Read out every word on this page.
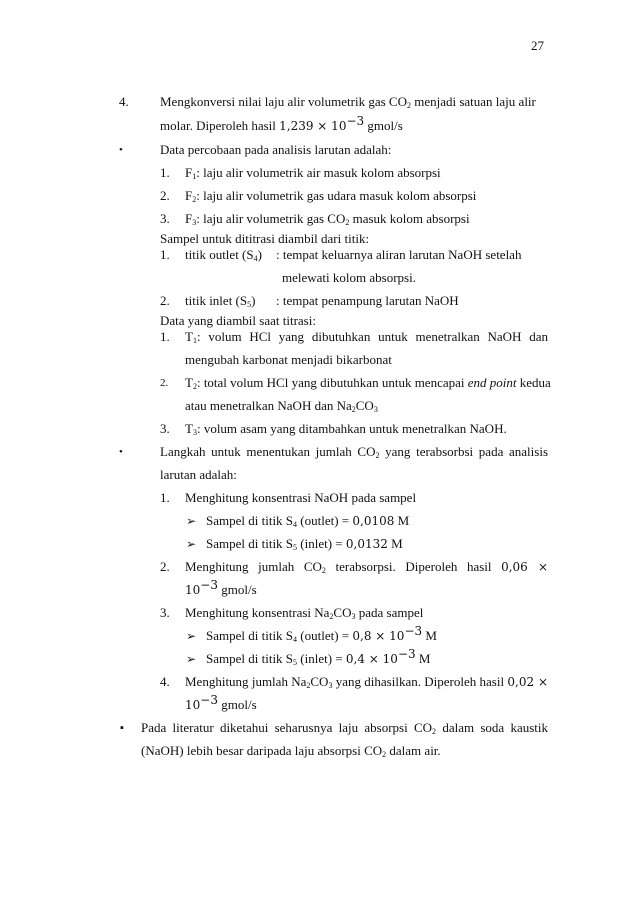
27
4. Mengkonversi nilai laju alir volumetrik gas $CO_2$ menjadi satuan laju alir
molar. Diperoleh hasil $1,239 \times 10^{-3}$ gmol/s
•	Data percobaan pada analisis larutan adalah:
1. $F_1$: laju alir volumetrik air masuk kolom absorpsi
2. $F_2$: laju alir volumetrik gas udara masuk kolom absorpsi
3. $F_3$: laju alir volumetrik gas $CO_2$ masuk kolom absorpsi
Sampel untuk dititrasi diambil dari titik:
1. titik outlet $(S_4)$ : tempat keluarnya aliran larutan NaOH setelah
melewati kolom absorpsi.
2. titik inlet $(S_5)$ : tempat penampung larutan NaOH
Data yang diambil saat titrasi:
1. $T_1$: volum HCl yang dibutuhkan untuk menetralkan NaOH dan
mengubah karbonat menjadi bikarbonat
2. $T_2$: total volum HCl yang dibutuhkan untuk mencapai end point kedua
atau menetralkan NaOH dan $Na_2CO_3$
3. $T_3$: volum asam yang ditambahkan untuk menetralkan NaOH.
•	Langkah untuk menentukan jumlah $CO_2$ yang terabsorbsi pada analisis
larutan adalah:
1. Menghitung konsentrasi NaOH pada sampel
➢ Sampel di titik $S_4$ (outlet) = 0,0108 M
➢ Sampel di titik $S_5$ (inlet) = 0,0132 M
2. Menghitung jumlah $CO_2$ terabsorpsi. Diperoleh hasil 0,06 ×
$10^{-3}$ gmol/s
3. Menghitung konsentrasi $Na_2CO_3$ pada sampel
➢ Sampel di titik $S_4$ (outlet) = $0,8 \times 10^{-3}$ M
➢ Sampel di titik $S_5$ (inlet) = $0,4 \times 10^{-3}$ M
4. Menghitung jumlah $Na_2CO_3$ yang dihasilkan. Diperoleh hasil 0,02 ×
$10^{-3}$ gmol/s
▪ Pada literatur diketahui seharusnya laju absorpsi $CO_2$ dalam soda kaustik
(NaOH) lebih besar daripada laju absorpsi $CO_2$ dalam air.
